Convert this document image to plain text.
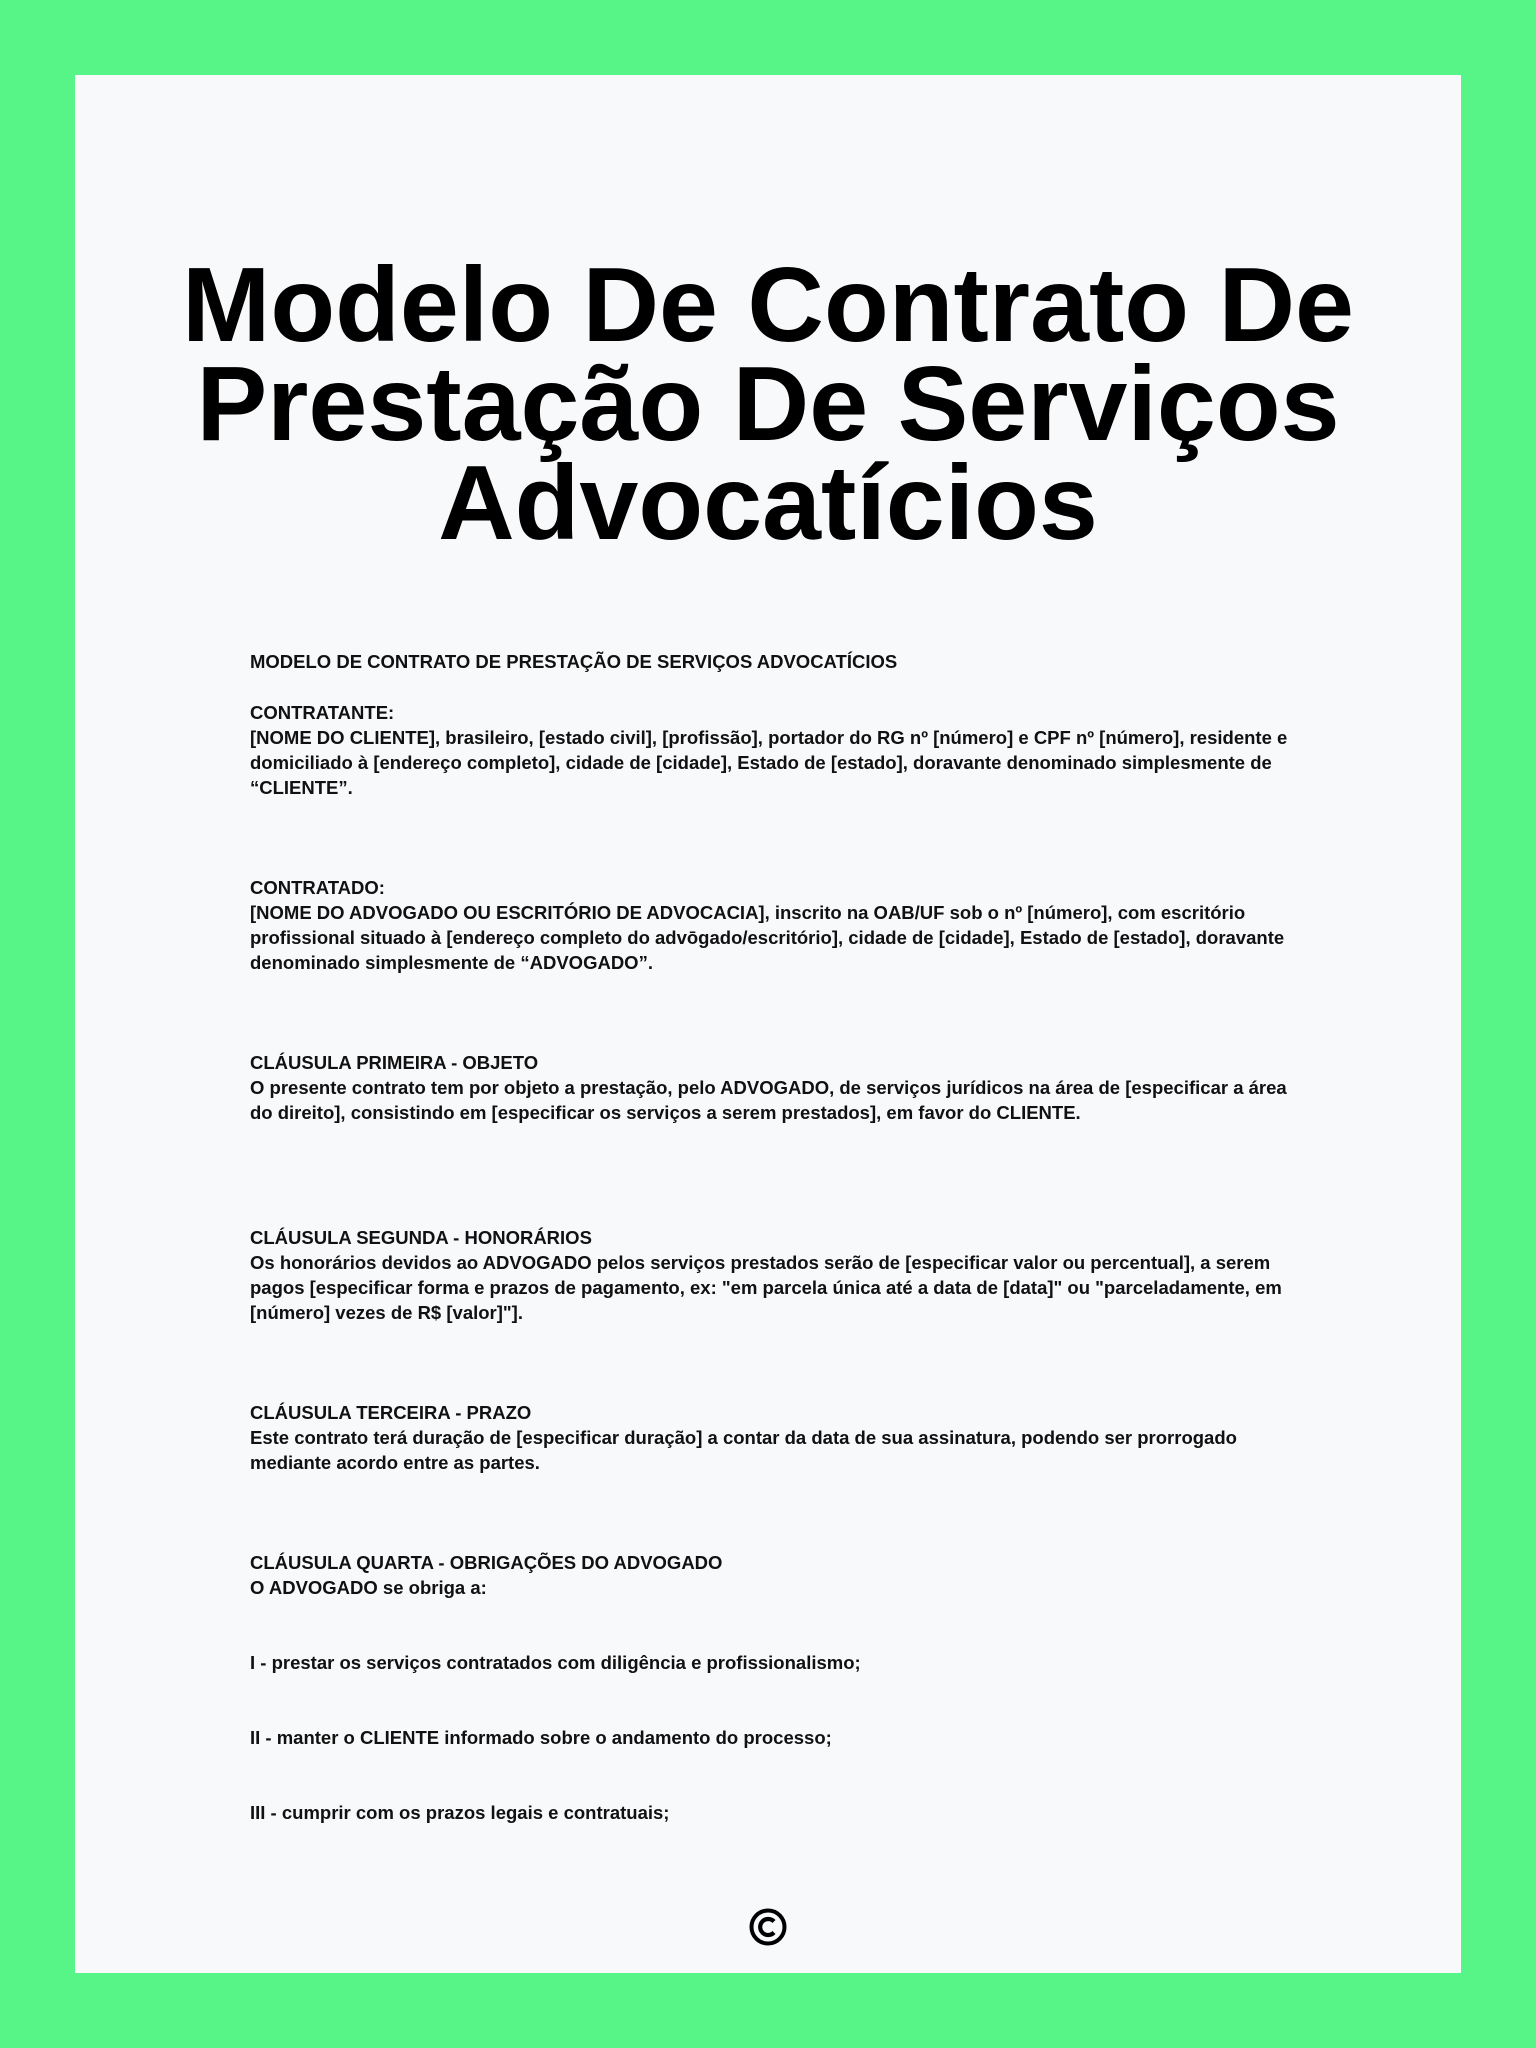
Modelo De Contrato De
Prestação De Serviços
Advocatícios
MODELO DE CONTRATO DE PRESTAÇÃO DE SERVIÇOS ADVOCATÍCIOS
CONTRATANTE:
[NOME DO CLIENTE], brasileiro, [estado civil], [profissão], portador do RG nº [número] e CPF nº [número], residente e domiciliado à [endereço completo], cidade de [cidade], Estado de [estado], doravante denominado simplesmente de “CLIENTE”.
CONTRATADO:
[NOME DO ADVOGADO OU ESCRITÓRIO DE ADVOCACIA], inscrito na OAB/UF sob o nº [número], com escritório profissional situado à [endereço completo do advōgado/escritório], cidade de [cidade], Estado de [estado], doravante denominado simplesmente de “ADVOGADO”.
CLÁUSULA PRIMEIRA - OBJETO
O presente contrato tem por objeto a prestação, pelo ADVOGADO, de serviços jurídicos na área de [especificar a área do direito], consistindo em [especificar os serviços a serem prestados], em favor do CLIENTE.
CLÁUSULA SEGUNDA - HONORÁRIOS
Os honorários devidos ao ADVOGADO pelos serviços prestados serão de [especificar valor ou percentual], a serem pagos [especificar forma e prazos de pagamento, ex: "em parcela única até a data de [data]" ou "parceladamente, em [número] vezes de R$ [valor]"].
CLÁUSULA TERCEIRA - PRAZO
Este contrato terá duração de [especificar duração] a contar da data de sua assinatura, podendo ser prorrogado mediante acordo entre as partes.
CLÁUSULA QUARTA - OBRIGAÇÕES DO ADVOGADO
O ADVOGADO se obriga a:
I - prestar os serviços contratados com diligência e profissionalismo;
II - manter o CLIENTE informado sobre o andamento do processo;
III - cumprir com os prazos legais e contratuais;
